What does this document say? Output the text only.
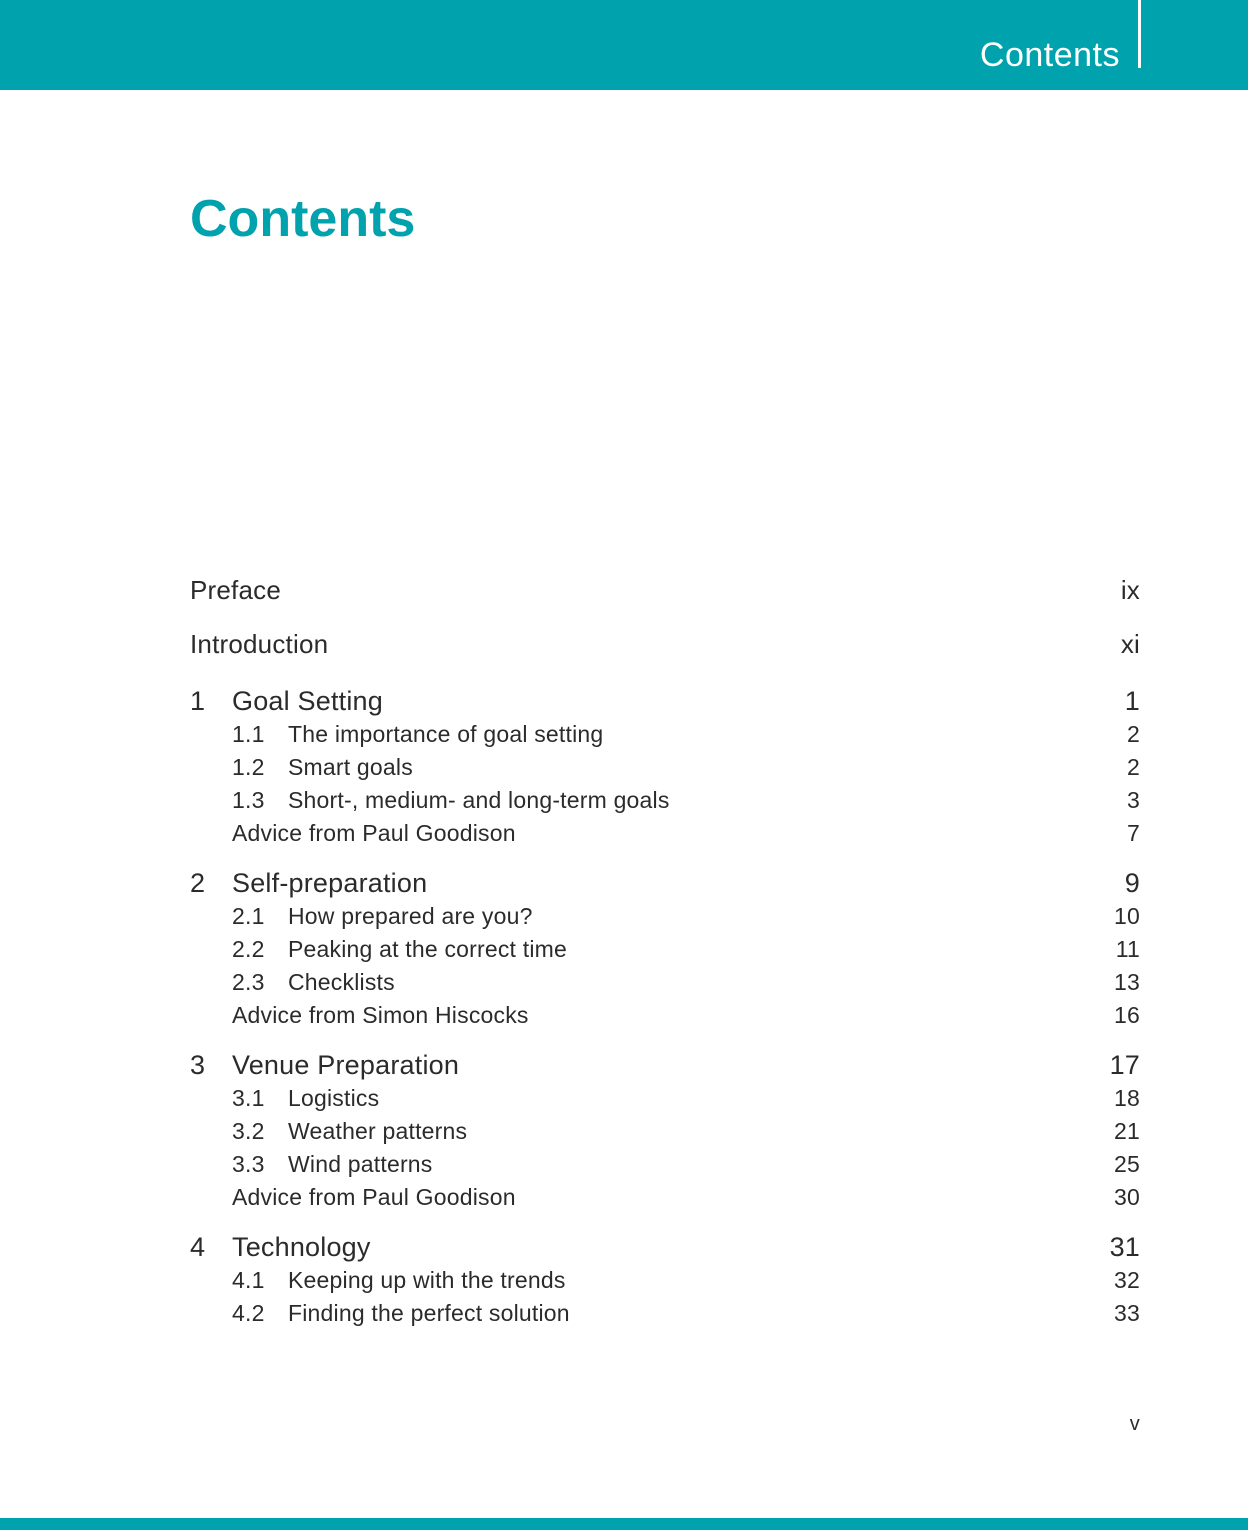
Contents
Contents
Preface	ix
Introduction	xi
1 Goal Setting	1
1.1	The importance of goal setting	2
1.2	Smart goals	2
1.3	Short-, medium- and long-term goals	3
Advice from Paul Goodison	7
2 Self-preparation	9
2.1	How prepared are you?	10
2.2	Peaking at the correct time	11
2.3	Checklists	13
Advice from Simon Hiscocks	16
3 Venue Preparation	17
3.1	Logistics	18
3.2	Weather patterns	21
3.3	Wind patterns	25
Advice from Paul Goodison	30
4 Technology	31
4.1	Keeping up with the trends	32
4.2	Finding the perfect solution	33
v
